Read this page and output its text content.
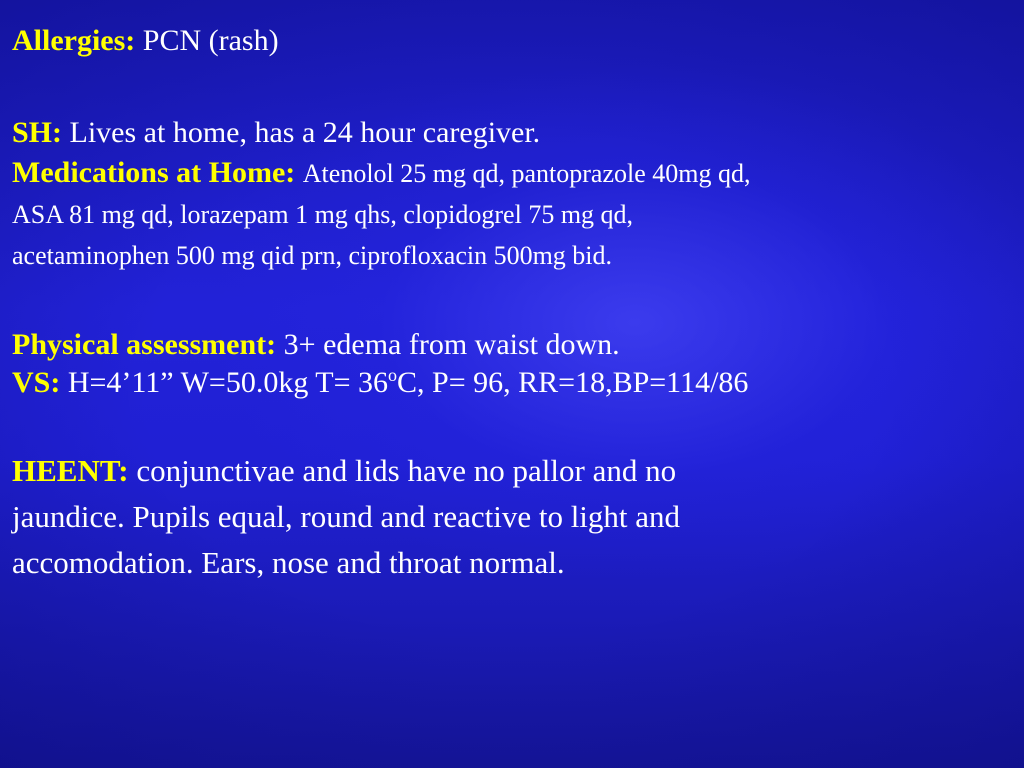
Allergies: PCN (rash)

SH: Lives at home, has a 24 hour caregiver.

Medications at Home: Atenolol 25 mg qd, pantoprazole 40mg qd,
ASA 81 mg qd, lorazepam 1 mg qhs, clopidogrel 75 mg qd,
acetaminophen 500 mg qid prn, ciprofloxacin 500mg bid.

Physical assessment: 3+ edema from waist down.

VS: H=4’11” W=50.0kg $T= 36^oC$, P= 96, RR=18,BP=114/86

HEENT: conjunctivae and lids have no pallor and no
jaundice. Pupils equal, round and reactive to light and
accomodation. Ears, nose and throat normal.
